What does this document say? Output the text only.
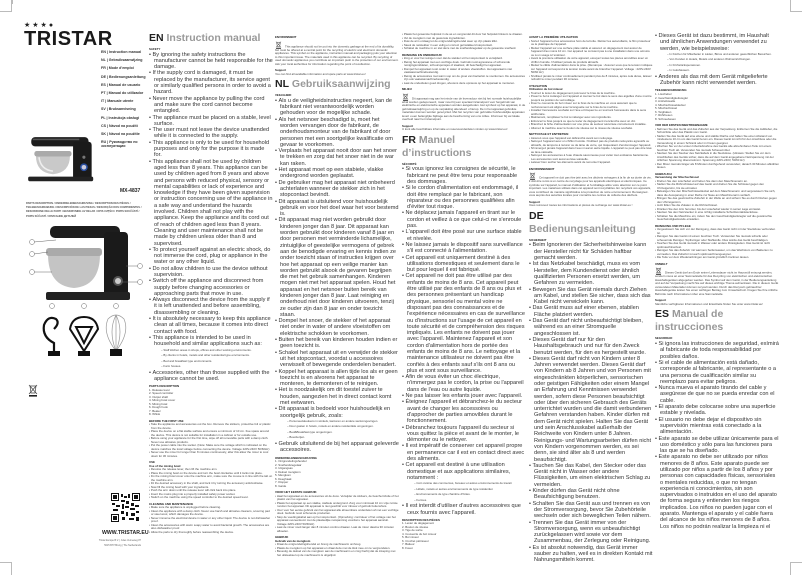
★★★●
TRISTAR
EN | Instruction manual
NL | Gebruiksaanwijzing
FR | Mode d'emploi
DE | Bedienungsanleitung
ES | Manual de usuario
PT | Manual do utilizador
IT | Manuale utente
SV | Bruksanvisning
PL | Instrukcja obsługi
CS | Návod na použití
SK | Návod na použitie
RU | Руководство по эксплуатации
MX-4837
PARTS DESCRIPTION / ONDERDELENBESCHRIJVING / DESCRIPTION DES PIÈCES / TEILEBESCHREIBUNG / DESCRIPCIÓN DE LAS PIEZAS / DESCRIÇÃO DOS COMPONENTES / DESCRIZIONE DELLE PARTI / BESKRIVNING AV DELAR / OPIS CZĘŚCI / POPIS SOUČÁSTÍ / POPIS SÚČASTÍ / ОПИСАНИЕ ДЕТАЛЕЙ
WWW.TRISTAR.EU
Tristar Europe B.V. | Jules Verneweg 87
5015 BH Tilburg | The Netherlands
EN Instruction manual
SAFETY
• By ignoring the safety instructions the manufacturer cannot be held responsible for the damage.
• If the supply cord is damaged, it must be replaced by the manufacturer, its service agent or similarly qualified persons in order to avoid a hazard.
• Never move the appliance by pulling the cord and make sure the cord cannot become entangled.
• The appliance must be placed on a stable, level surface.
• The user must not leave the device unattended while it is connected to the supply.
• This appliance is only to be used for household purposes and only for the purpose it is made for.
• This appliance shall not be used by children aged less than 8 years. This appliance can be used by children aged from 8 years and above and persons with reduced physical, sensory or mental capabilities or lack of experience and knowledge if they have been given supervision or instruction concerning use of the appliance in a safe way and understand the hazards involved. Children shall not play with the appliance. Keep the appliance and its cord out of reach of children aged less than 8 years. Cleaning and user maintenance shall not be made by children unless older than 8 and supervised.
• To protect yourself against an electric shock, do not immerse the cord, plug or appliance in the water or any other liquid.
• Do not allow children to use the device without supervision.
• Switch off the appliance and disconnect from supply before changing accessories or approaching parts that move in use.
• Always disconnect the device from the supply if it is left unattended and before assembling, disassembling or cleaning.
• It is absolutely necessary to keep this appliance clean at all times, because it comes into direct contact with food.
• This appliance is intended to be used in household and similar applications such as:
– Staff kitchen areas in shops, offices and other working environments.
– By clients in hotels, motels and other residential type environments.
– Bed and breakfast type environments.
– Farm houses.
• Accessories, other than those supplied with the appliance cannot be used.
PARTS DESCRIPTION
1. Release lever
2. Speed controller
3. Output shaft
4. Mixing bowl cover
5. Mixing bowl
6. Dough hook
7. Beater
8. Whisk
BEFORE THE FIRST USE
• Take the appliance and accessories out the box. Remove the stickers, protective foil or plastic from the device.
• Place the device on a flat stable surface and ensure a minimum of 10 cm. free space around the device. This device is not suitable for installation in a cabinet or for outside use.
• Before using your appliance for the first time, wipe off all removable parts with a damp cloth. Never use abrasive products.
• Put the power cable into the socket. (Note: Make sure the voltage which is indicated on the device matches the local voltage before connecting the device. Voltage 220V-240V 50/60Hz)
• Never use the mixer for longer than 8 minutes continuously, after this allow the mixer to cool down for 30 minutes.
USE
Use of the mixing bowl
• Revolve the release lever, then lift the machine arm.
• Place the mixing bowl on the device and turn the bowl clockwise until it locks into place.
• Fix the mixing bowl cover onto the machine arm, make sure the mouse is in line with the tab on the machine arm.
• Fit the desired accessory in the shaft, and lock it by turning the accessory anticlockwise.
• Now fill the mixing bowl with your ingredients.
• Push the arm down until the release lever will click back into place.
• Insert the mains plug into a properly installed safety power socket.
• Switch on the machine using the speed controller to the desired speed level.
CLEANING AND MAINTENANCE
• Make sure the appliance is unplugged before cleaning.
• Clean the appliance with a damp cloth. Never use harsh and abrasive cleaners, scouring pad or steel wool, which damages the device.
• Never immerse the electrical device in water or any other liquid. The device is not dishwasher proof.
• Clean the accessories with warm soapy water to avoid bacterial growth. The accessories are also dishwasher proof.
• Allow the parts to dry thoroughly before reassembling the device.
ENVIRONMENT
This appliance should not be put into the domestic garbage at the end of its durability, but must be offered at a central point for the recycling of electric and electronic domestic appliances. This symbol on the appliance, instruction manual and packaging puts your attention to this important issue. The materials used in this appliance can be recycled. By recycling of used domestic appliances you contribute an important push to the protection of our environment. Ask your local authorities for information regarding the point of recollection.
Support
You can find all available information and spare parts at www.tristar.eu!
NL Gebruiksaanwijzing
VEILIGHEID
• Als u de veiligheidsinstructies negeert, kan de fabrikant niet verantwoordelijk worden gehouden voor de mogelijke schade.
• Als het netsnoer beschadigd is, moet het worden vervangen door de fabrikant, de onderhoudsmonteur van de fabrikant of door personen met een soortgelijke kwalificatie om gevaar te voorkomen.
• Verplaats het apparaat nooit door aan het snoer te trekken en zorg dat het snoer niet in de war kan raken.
• Het apparaat moet op een stabiele, vlakke ondergrond worden geplaatst.
• De gebruiker mag het apparaat niet onbeheerd achterlaten wanneer de stekker zich in het stopcontact bevindt.
• Dit apparaat is uitsluitend voor huishoudelijk gebruik en voor het doel waar het voor bestemd is.
• Dit apparaat mag niet worden gebruikt door kinderen jonger dan 8 jaar. Dit apparaat kan worden gebruikt door kinderen vanaf 8 jaar en door personen met verminderde lichamelijke, zintuiglijke of geestelijke vermogens of gebrek aan de benodigde ervaring en kennis indien ze onder toezicht staan of instructies krijgen over hoe het apparaat op een veilige manier kan worden gebruikt alsook de gevaren begrijpen die met het gebruik samenhangen. Kinderen mogen niet met het apparaat spelen. Houd het apparaat en het netsnoer buiten bereik van kinderen jonger dan 8 jaar. Laat reiniging en onderhoud niet door kinderen uitvoeren, tenzij ze ouder zijn dan 8 jaar en onder toezicht staan.
• Dompel het snoer, de stekker of het apparaat niet onder in water of andere vloeistoffen om elektrische schokken te voorkomen.
• Buiten het bereik van kinderen houden indien er geen toezicht is.
• Schakel het apparaat uit en verwijder de stekker uit het stopcontact, voordat u accessoires verwisselt of bewegende onderdelen benadert.
• Koppel het apparaat is allen tijde los als er geen toezicht is en alvorens het apparaat te monteren, te demonteren of te reinigen.
• Het is noodzakelijk om dit toestel zuiver te houden, aangezien het in direct contact komt met eetwaren.
• Dit apparaat is bedoeld voor huishoudelijk en soortgelijk gebruik, zoals:
– Personeelskeukens in winkels, kantoren en andere werkomgevingen.
– Door gasten in hotels, motels en andere residentiële omgevingen.
– Bed&Breakfast-type omgevingen.
– Boerderijen.
• Gebruik uitsluitend de bij het apparaat geleverde accessoires.
ONDERDELENBESCHRIJVING
1. Ontgrendelingshendel
2. Snelheidsregelaar
3. Uitgangsas
4. Deksel mengkom
5. Mengkom
6. Deeghaak
7. Klopper
8. Garde
VOOR HET EERSTE GEBRUIK
• Haal het apparaat en de accessoires uit de doos. Verwijder de stickers, de beschermfolie of het plastic van het apparaat.
• Plaats het apparaat op een vlakke, stabiele ondergrond. Zorg voor minimaal 10 cm vrije ruimte rondom het apparaat. Dit apparaat is niet geschikt voor inbouw of gebruik buitenshuis.
• Voor voor het eerste gebruik van het apparaat alle afneembare onderdelen af met een vochtige doek. Gebruik nooit schurende producten.
• Stop de voedingskabel aan op het stopcontact. (Opmerking: controleer of het voltage van het apparaat overeenkomt met de plaatselijke netspanning voordat u het apparaat aansluit. Voltage 220V-240V 50/60Hz)
• Laat de mixer nooit langer dan 8 minuten continu draaien. Laat de mixer daarna 30 minuten afkoelen.
GEBRUIK
Gebruik van de mengkom
• Draai de ontgrendelingshendel en breng de machinearm omhoog.
• Plaats de mengkom op het apparaat en draai deze met de klok mee om te vergrendelen.
• Bevestig de deksel van de mengkom aan de machinearm en zorg hierbij dat de inkeping met het uitsteeksel op de machinearm is uitgelijnd.
• Plaats het gewenste hulpstuk in de as en vergrendel dit door het hulpstuk linksom te draaien.
• Vul de mengkom met de gewenste ingrediënten.
• Duw de arm omlaag tot de ontgrendelingshendel weer op zijn plaats klikt.
• Steek de netstekker in een veilig en correct geïnstalleerd stopcontact.
• Schakel de machine in en stel deze met de snelheidsregelaar op de gewenste snelheid.
REINIGING EN ONDERHOUD
• Zorg er voor het reinigen voor dat de stekker uit het stopcontact is verwijderd.
• Reinig het apparaat met een vochtige doek. Gebruik nooit agressieve of schurende reinigingsmiddelen, schuursponsjes of staalwol, dit beschadigt het apparaat.
• Dompel het apparaat nooit onder in water of andere vloeistoffen. Het apparaat is niet vaatwasmachinebestendig.
• Reinig de accessoires met warm sop om de groei van bacteriën te voorkomen. De accessoires zijn ook vaatwasmachinebestendig.
• Laat de onderdelen goed drogen, alvorens deze opnieuw op het apparaat te monteren.
MILIEU
Dit apparaat mag aan het einde van de levensduur niet bij het normale huishoudelijke afval worden gedeponeerd, maar moet bij een speciaal inzamelpunt voor hergebruik van elektrische en elektronische apparaten worden aangeboden. Het symbool op het apparaat, in de gebruiksaanwijzing en op de verpakking attendeert u hierop. De in het apparaat gebruikte materialen kunnen worden gerecycled. Met het recyclen van gebruikte huishoudelijke apparaten levert u een belangrijke bijdrage aan de bescherming van ons milieu. Informeer bij uw lokale overheid naar het inzamelpunt.
Support
U kunt alle beschikbare informatie en reserveonderdelen vinden op www.tristar.eu!
FR Manuel d’instructions
SÉCURITÉ
• Si vous ignorez les consignes de sécurité, le fabricant ne peut être tenu pour responsable des dommages.
• Si le cordon d'alimentation est endommagé, il doit être remplacé par le fabricant, son réparateur ou des personnes qualifiées afin d'éviter tout risque.
• Ne déplacez jamais l'appareil en tirant sur le cordon et veillez à ce que celui-ci ne s'enroule pas.
• L'appareil doit être posé sur une surface stable et nivelée.
• Ne laissez jamais le dispositif sans surveillance s'il est connecté à l'alimentation.
• Cet appareil est uniquement destiné à des utilisations domestiques et seulement dans le but pour lequel il est fabriqué.
• Cet appareil ne doit pas être utilisé par des enfants de moins de 8 ans. Cet appareil peut être utilisé par des enfants de 8 ans ou plus et des personnes présentant un handicap physique, sensoriel ou mental voire ne disposant pas des connaissances et de l'expérience nécessaires en cas de surveillance ou d'instructions sur l'usage de cet appareil en toute sécurité et de compréhension des risques impliqués. Les enfants ne doivent pas jouer avec l'appareil. Maintenez l'appareil et son cordon d'alimentation hors de portée des enfants de moins de 8 ans. Le nettoyage et la maintenance utilisateur ne doivent pas être confiés à des enfants sauf s'ils ont 8 ans ou plus et sont sous surveillance.
• Afin de vous éviter un choc électrique, n'immergez pas le cordon, la prise ou l'appareil dans de l'eau ou autre liquide.
• Ne pas laisser les enfants jouer avec l'appareil.
• Éteignez l'appareil et débranchez-le du secteur avant de changer les accessoires ou d'approcher de parties amovibles durant le fonctionnement.
• Débranchez toujours l'appareil du secteur si vous quittez la pièce et avant de le monter, le démonter ou le nettoyer.
• Il est impératif de conserver cet appareil propre en permanence car il est en contact direct avec des aliments.
• Cet appareil est destiné à une utilisation domestique et aux applications similaires, notamment :
– Coin cuisine des commerces, bureaux et autres environnements de travail.
– Hôtels, motels et autres environnements de type résidentiel.
– Environnements de type chambre d'hôtes.
– Fermes.
• Il est interdit d'utiliser d'autres accessoires que ceux fournis avec l'appareil.
DESCRIPTION DES PIÈCES
1. Levier de dégagement
2. Bouton de vitesse
3. Tige de sortie
4. Couvercle du bol mixeur
5. Bol mixeur
6. Crochet pétrisseur
7. Batteur
8. Fouet
AVANT LA PREMIÈRE UTILISATION
• Sortez l'appareil et les accessoires hors de la boîte. Retirez les autocollants, le film protecteur ou le plastique de l'appareil.
• Mettez l'appareil sur une surface plate stable et assurez un dégagement tout autour de l'appareil d'au moins 10 cm. Cet appareil ne convient pas à une installation dans une armoire ou à un usage à l'extérieur.
• Avant la première utilisation de votre appareil, essuyez toutes les pièces amovibles avec un chiffon humide. N'utilisez jamais de produits abrasifs.
• Mettez le câble d'alimentation dans la prise. (Remarque : Assurez-vous que la tension indiquée sur l'appareil correspond à la tension locale avant de brancher l'appareil. Voltage : 220V-240V 50/60 Hz)
• N'utilisez jamais le mixer continuellement pendant plus de 8 minutes, après cela durée, laissez refroidir le mixer pendant 30 minutes.
UTILISATION
Utilisation du bol mixeur
• Tournez le levier de dégagement puis levez le bras de la machine.
• Posez le bol à mélanger sur l'appareil et tournez le bol dans le sens des aiguilles d'une montre jusqu'à sa position de verrouillage.
• Fixez le couvercle du bol mixeur sur le bras de la machine en vous assurant que le renfoncement est aligné avec la languette sur le bras de la machine.
• Installez l'accessoire souhaité sur l'axe et bloquez-le en tournant l'accessoire dans le sens antihoraire.
• Maintenant, remplissez le bol à mélanger avec vos ingrédients.
• Enfoncez le bras jusqu'à ce que le levier de dégagement s'enclenche avec un clic.
• Branchez la fiche d'alimentation sur une prise de secteur sécurisée correctement installée.
• Allumez la machine avec le bouton de vitesse sur le niveau de vitesse souhaité.
NETTOYAGE ET ENTRETIEN
• Assurez-vous que l'appareil est débranché avant son nettoyage.
• Nettoyez l'appareil avec un chiffon humide. N'utilisez pas de produits nettoyants agressifs ou abrasifs, de tampons à récurer ou de laine de verre, qui risqueraient d'endommager l'appareil.
• N'immergez jamais l'appareil dans l'eau ni aucun autre liquide. L'appareil ne peut pas être lavé au lave-vaisselle.
• Nettoyez les accessoires à l'eau chaude savonneuse pour éviter tout endsance bactérienne. Les accessoires sont aussi au lave-vaisselle.
• Laissez bien sécher les éléments avant de remonter l'appareil.
ENVIRONNEMENT
Cet appareil ne doit pas être jeté avec les déchets ménagers à la fin de sa durée de vie, il doit être remis à un centre de recyclage pour les appareils électriques et électroniques. Ce symbole sur l'appareil, le manuel d'utilisation et l'emballage attire votre attention sur ce point important. Les matériaux utilisés dans cet appareil sont recyclables. En recyclant vos appareils, vous contribuez de manière significative à la protection de notre environnement. Renseignez-vous auprès des autorités locales pour connaître les centres de collecte des déchets.
Support
Vous retrouvez toutes les informations et pièces de rechange sur www.tristar.eu !
DE Bedienungsanleitung
SICHERHEIT
• Beim Ignorieren der Sicherheitshinweise kann der Hersteller nicht für Schäden haftbar gemacht werden.
• Ist das Netzkabel beschädigt, muss es vom Hersteller, dem Kundendienst oder ähnlich qualifizierten Personen ersetzt werden, um Gefahren zu vermeiden.
• Bewegen Sie das Gerät niemals durch Ziehen am Kabel, und stellen Sie sicher, dass sich das Kabel nicht verwickeln kann.
• Das Gerät muss auf einer ebenen, stabilen Fläche platziert werden.
• Das Gerät darf nicht unbeaufsichtigt bleiben, während es an einer Stromquelle angeschlossen ist.
• Dieses Gerät darf nur für den Haushaltsgebrauch und nur für den Zweck benutzt werden, für den es hergestellt wurde.
• Dieses Gerät darf nicht von Kindern unter 8 Jahren verwendet werden. Dieses Gerät darf von Kindern ab 8 Jahren und von Personen mit eingeschränkten körperlichen, sensorischen oder geistigen Fähigkeiten oder einem Mangel an Erfahrung und Kenntnissen verwendet werden, sofern diese Personen beaufsichtigt oder über den sicheren Gebrauch des Geräts unterrichtet wurden und die damit verbundenen Gefahren verstanden haben. Kinder dürfen mit dem Gerät nicht spielen. Halten Sie das Gerät und sein Anschlusskabel außerhalb der Reichweite von Kindern unter 8 Jahren. Reinigungs- und Wartungsarbeiten dürfen nicht von Kindern vorgenommen werden, es sei denn, sie sind älter als 8 und werden beaufsichtigt.
• Tauchen Sie das Kabel, den Stecker oder das Gerät nicht in Wasser oder andere Flüssigkeiten, um einen elektrischen Schlag zu vermeiden.
• Kinder dürfen das Gerät nicht ohne Beaufsichtigung benutzen.
• Schalten Sie das Gerät aus und trennen es von der Stromversorgung, bevor Sie Zubehörteile wechseln oder sich beweglichen Teilen nähern.
• Trennen Sie das Gerät immer von der Stromversorgung, wenn es unbeaufsichtigt zurückgelassen wird sowie vor dem Zusammenbau, der Zerlegung oder Reinigung.
• Es ist absolut notwendig, das Gerät immer sauber zu halten, weil es in direkten Kontakt mit Nahrungsmitteln kommt.
• Dieses Gerät ist dazu bestimmt, im Haushalt und ähnlichen Anwendungen verwendet zu werden, wie beispielsweise:
– In Küchen für Mitarbeiter in Läden, Büros und anderen gewerblichen Bereichen.
– Von Kunden in Hotels, Motels und anderen Wohneinrichtungen.
– In Frühstückspensionen.
– In Gutshäusern.
• Anderes als das mit dem Gerät mitgelieferte Zubehör kann nicht verwendet werden.
TEILEBESCHREIBUNG
1. Löschebel
2. Geschwindigkeitsregler
3. Antriebswelle
4. Mischschüsseldeckel
5. Mischschüssel
6. Teighaken
7. Rührbesen
8. Schneebesen
VOR DER ERSTEN INBETRIEBNAHME
• Nehmen Sie das Gerät und das Zubehör aus der Verpackung. Entfernen Sie die Aufkleber, die Schutzfolie oder das Plastik vom Gerät.
• Stellen Sie das Gerät auf eine ebene und stabile Fläche und halten Sie einen Abstand von mindestens 10 cm um das Gerät herum ein. Dieses Gerät ist nicht für den Anschluss oder die Verwendung in einem Schrank oder im Freien geeignet.
• Wischen Sie vor der ersten Inbetriebnahme des Geräts alle abnehmbaren Teile mit einem feuchten Tuch ab. Verwenden Sie niemals Scheuermittel.
• Stecken Sie den Stecker des Netzkabels in die Steckdose. (Hinweis: Stellen Sie vor dem Anschließen des Geräts sicher, dass die auf dem Gerät angegebene Netzspannung mit der örtlichen Spannung übereinstimmt. Spannung 220V-240V, 50/60 Hz)
• Den Mixer niemals länger als 8 Minuten durchgehend verwenden; danach 30 Minuten abkühlen lassen.
GEBRAUCH
Verwendung der Mischschüssel
• Drehen Sie den Löschebel und heben Sie dann den Maschinenarm an.
• Stellen Sie die Rührschüssel auf das Gerät und drehen Sie die Schüssel gegen den Uhrzeigersinn, bis sie einrastet.
• Befestigen Sie den Mischschüsseldeckel auf dem Maschinenarm und vergewissern Sie sich, dass die Aussparung in einer Reihe zur Nase am Maschinenarm verläuft.
• Bringen Sie das gewünschte Zubehör in der Welle an und sichern Sie es durch Drehen gegen den Uhrzeigersinn.
• Jetzt füllen Sie die Zutaten in die Rührschüssel.
• Drücken Sie den Arm herunter, bis der Lösehebel wieder in seiner Lage einrastet.
• Stecken Sie den Netzstecker in eine richtig installierte Schutzkontaktsteckdose.
• Schalten Sie die Maschine ein, indem Sie den Geschwindigkeitsregler auf die gewünschte Geschwindigkeitsstufe einstellen.
REINIGUNG UND PFLEGE
• Vergewissern Sie sich vor der Reinigung, dass das Gerät nicht mit der Steckdose verbunden ist.
• Reinigen Sie das Gerät mit einem feuchten Tuch. Verwenden Sie niemals scharfe oder scheuernde Reiniger, Topfreiniger oder Stahlwolle. Dies würde das Gerät beschädigen.
• Tauchen Sie das Gerät niemals in Wasser oder andere Flüssigkeiten. Das Gerät ist nicht spülmaschinenfest.
• Reinigen Sie das Zubehör mit warmem Seifenwasser, um das Wachstum von Bakterien zu vermeiden. Das Zubehör ist auch spülmaschinengeeignet.
• Die Teile vor dem Wiederanbringen am Gerät gründlich trocknen lassen.
UMWELT
Dieses Gerät darf am Ende seiner Lebensdauer nicht im Hausmüll entsorgt werden, sondern muss an einer Sammelstelle für das Recycling von elektrischen und elektronischen Haushaltsgeräten abgegeben werden. Das Symbol auf dem Gerät, in der Bedienungsanleitung und auf der Verpackung macht Sie auf dieses wichtige Thema aufmerksam. Die in diesem Gerät verwendeten Materialien können recycelt werden. Durch das Recyceln gebrauchter Haushaltsgeräte leisten Sie einen wichtigen Beitrag zum Umweltschutz. Fragen Sie Ihre örtliche Behörde nach Informationen über eine Sammelstelle.
Support
Sämtliche verfügbaren Informationen und Ersatzteile finden Sie unter www.tristar.eu!
ES Manual de instrucciones
SEGURIDAD
• Si ignora las instrucciones de seguridad, exímirá al fabricante de toda responsabilidad por posibles daños.
• Si el cable de alimentación está dañado, corresponde al fabricante, al representante o a una persona de cualificación similar su reemplazo para evitar peligros.
• Nunca mueva el aparato tirando del cable y asegúrese de que no se pueda enredar con el cable.
• El aparato debe colocarse sobre una superficie estable y nivelada.
• El usuario no debe dejar el dispositivo sin supervisión mientras está conectado a la alimentación.
• Este aparato se debe utilizar únicamente para el uso doméstico y sólo para las funciones para las que se ha diseñado.
• Este aparato no debe ser utilizado por niños menores de 8 años. Este aparato puede ser utilizado por niños a partir de los 8 años y por personas con capacidades físicas, sensoriales o mentales reducidas, o que no tengan experiencia ni conocimientos, sin son supervisados o instruidos en el uso del aparato de forma segura y entienden los riesgos implicados. Los niños no pueden jugar con el aparato. Mantenga el aparato y el cable fuera del alcance de los niños menores de 8 años. Los niños no podrán realizar la limpieza ni el
